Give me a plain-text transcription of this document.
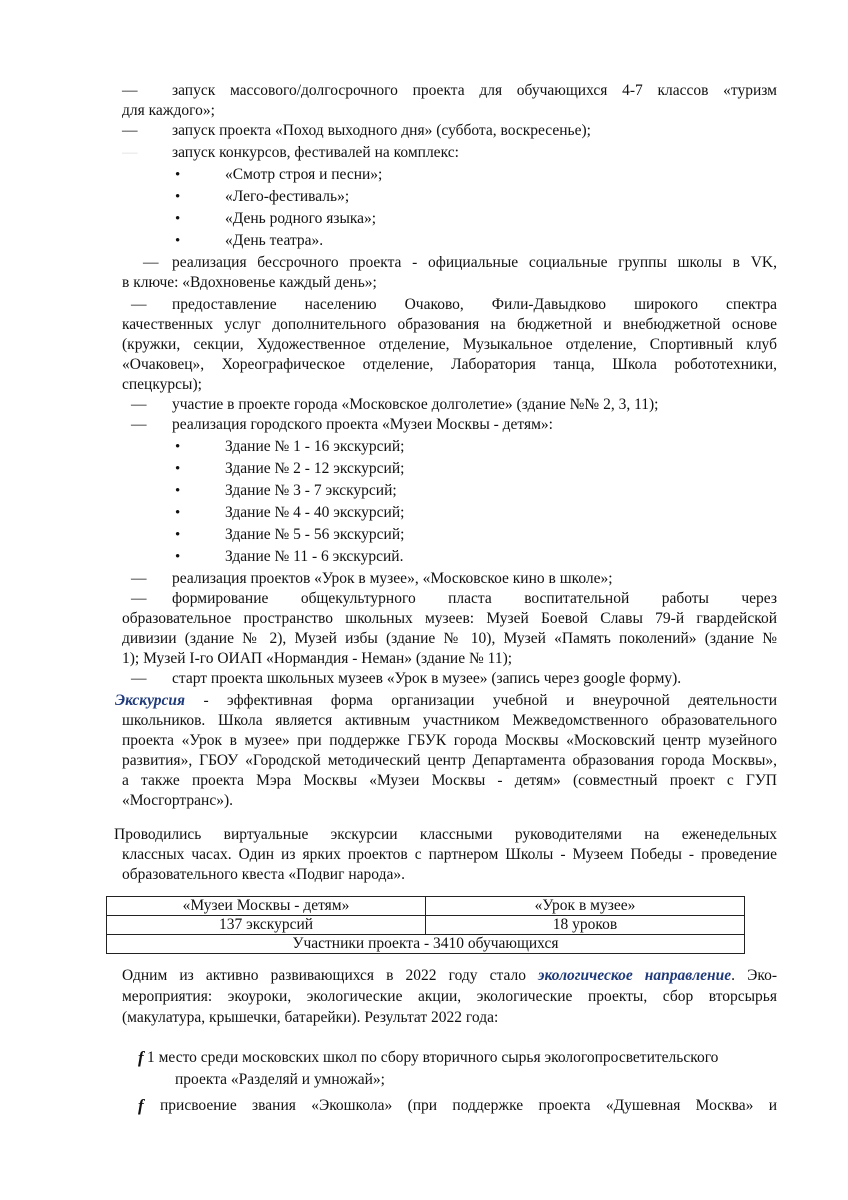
— запуск массового/долгосрочного проекта для обучающихся 4-7 классов «туризм
для каждого»;
— запуск проекта «Поход выходного дня» (суббота, воскресенье);
— запуск конкурсов, фестивалей на комплекс:
•	«Смотр строя и песни»;
•	«Лего-фестиваль»;
•	«День родного языка»;
•	«День театра».
— реализация бессрочного проекта - официальные социальные группы школы в VK,
в ключе: «Вдохновенье каждый день»;
— предоставление населению Очаково, Фили-Давыдково широкого спектра
качественных услуг дополнительного образования на бюджетной и внебюджетной основе
(кружки, секции, Художественное отделение, Музыкальное отделение, Спортивный клуб
«Очаковец», Хореографическое отделение, Лаборатория танца, Школа робототехники,
спецкурсы);
— участие в проекте города «Московское долголетие» (здание №№ 2, 3, 11);
— реализация городского проекта «Музеи Москвы - детям»:
•	Здание № 1 - 16 экскурсий;
•	Здание № 2 - 12 экскурсий;
•	Здание № 3 - 7 экскурсий;
•	Здание № 4 - 40 экскурсий;
•	Здание № 5 - 56 экскурсий;
•	Здание № 11 - 6 экскурсий.
— реализация проектов «Урок в музее», «Московское кино в школе»;
— формирование общекультурного пласта воспитательной работы через
образовательное пространство школьных музеев: Музей Боевой Славы 79-й гвардейской
дивизии (здание № 2), Музей избы (здание № 10), Музей «Память поколений» (здание №
1); Музей I-го ОИАП «Нормандия - Неман» (здание № 11);
— старт проекта школьных музеев «Урок в музее» (запись через google форму).
Экскурсия - эффективная форма организации учебной и внеурочной деятельности
школьников. Школа является активным участником Межведомственного образовательного
проекта «Урок в музее» при поддержке ГБУК города Москвы «Московский центр музейного
развития», ГБОУ «Городской методический центр Департамента образования города Москвы»,
а также проекта Мэра Москвы «Музеи Москвы - детям» (совместный проект с ГУП
«Мосгортранс»).
Проводились виртуальные экскурсии классными руководителями на еженедельных
классных часах. Один из ярких проектов с партнером Школы - Музеем Победы - проведение
образовательного квеста «Подвиг народа».
«Музеи Москвы - детям»	«Урок в музее»
137 экскурсий	18 уроков
Участники проекта - 3410 обучающихся	
Одним из активно развивающихся в 2022 году стало экологическое направление. Эко-
мероприятия: экоуроки, экологические акции, экологические проекты, сбор вторсырья
(макулатура, крышечки, батарейки). Результат 2022 года:
f 1 место среди московских школ по сбору вторичного сырья экологопросветительского
проекта «Разделяй и умножай»;
f присвоение звания «Экошкола» (при поддержке проекта «Душевная Москва» и
